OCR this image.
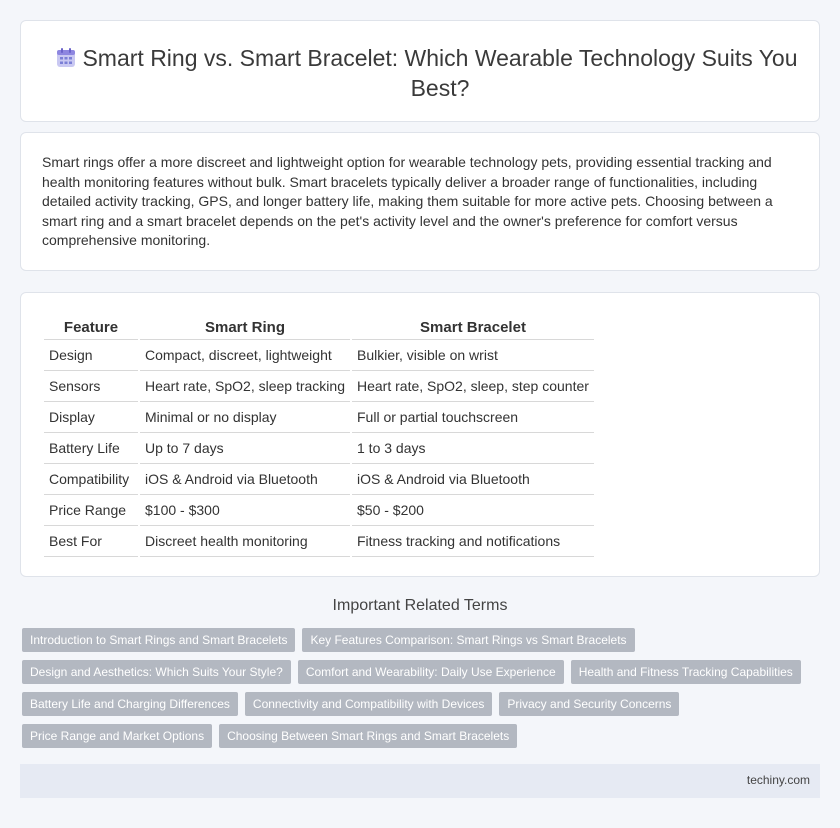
Smart Ring vs. Smart Bracelet: Which Wearable Technology Suits You Best?

Smart rings offer a more discreet and lightweight option for wearable technology pets, providing essential tracking and health monitoring features without bulk. Smart bracelets typically deliver a broader range of functionalities, including detailed activity tracking, GPS, and longer battery life, making them suitable for more active pets. Choosing between a smart ring and a smart bracelet depends on the pet's activity level and the owner's preference for comfort versus comprehensive monitoring.

Feature	Smart Ring	Smart Bracelet
Design	Compact, discreet, lightweight	Bulkier, visible on wrist
Sensors	Heart rate, SpO2, sleep tracking	Heart rate, SpO2, sleep, step counter
Display	Minimal or no display	Full or partial touchscreen
Battery Life	Up to 7 days	1 to 3 days
Compatibility	iOS & Android via Bluetooth	iOS & Android via Bluetooth
Price Range	$100 - $300	$50 - $200
Best For	Discreet health monitoring	Fitness tracking and notifications
Important Related Terms
Introduction to Smart Rings and Smart Bracelets	Key Features Comparison: Smart Rings vs Smart Bracelets
Design and Aesthetics: Which Suits Your Style?	Comfort and Wearability: Daily Use Experience	Health and Fitness Tracking Capabilities
Battery Life and Charging Differences	Connectivity and Compatibility with Devices	Privacy and Security Concerns
Price Range and Market Options	Choosing Between Smart Rings and Smart Bracelets
techiny.com
